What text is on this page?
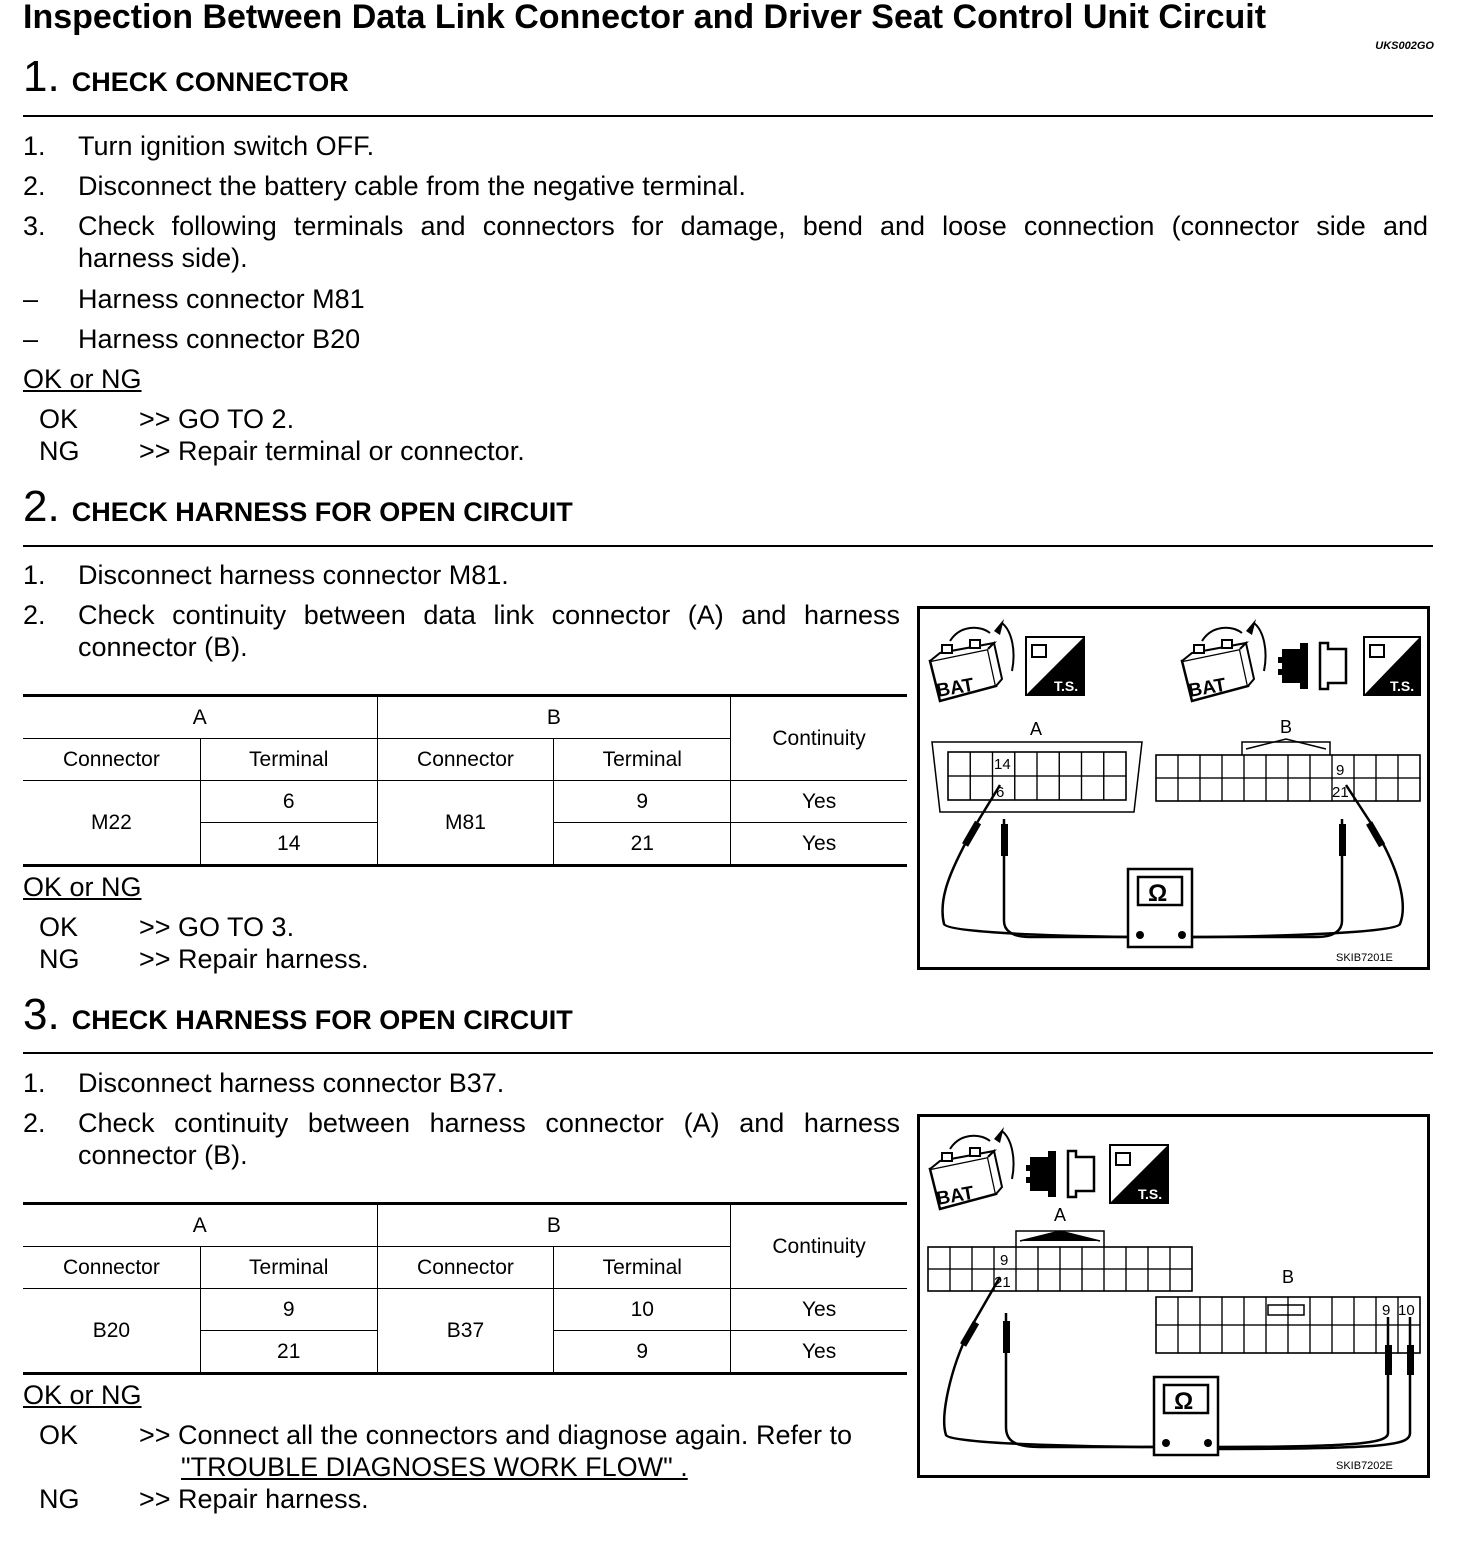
Inspection Between Data Link Connector and Driver Seat Control Unit Circuit
UKS002GO
1. CHECK CONNECTOR
1. Turn ignition switch OFF.
2. Disconnect the battery cable from the negative terminal.
3. Check following terminals and connectors for damage, bend and loose connection (connector side and
harness side).
– Harness connector M81
– Harness connector B20
OK or NG
OK >> GO TO 2.
NG >> Repair terminal or connector.
2. CHECK HARNESS FOR OPEN CIRCUIT
1. Disconnect harness connector M81.
2. Check continuity between data link connector (A) and harness
connector (B).
A		B		Continuity
Connector	Terminal	Connector	Terminal	
M22	6	M81	9	Yes
	14		21	Yes
OK or NG
OK >> GO TO 3.
NG >> Repair harness.
BAT	T.S.	BAT	T.S.
A
14
6
B
9
21
Ω
SKIB7201E
3. CHECK HARNESS FOR OPEN CIRCUIT
1. Disconnect harness connector B37.
2. Check continuity between harness connector (A) and harness
connector (B).
A		B		Continuity
Connector	Terminal	Connector	Terminal	
B20	9	B37	10	Yes
	21		9	Yes
OK or NG
OK >> Connect all the connectors and diagnose again. Refer to
"TROUBLE DIAGNOSES WORK FLOW" .
NG >> Repair harness.
BAT	T.S.
A
9
21	B
9 10
Ω
SKIB7202E
